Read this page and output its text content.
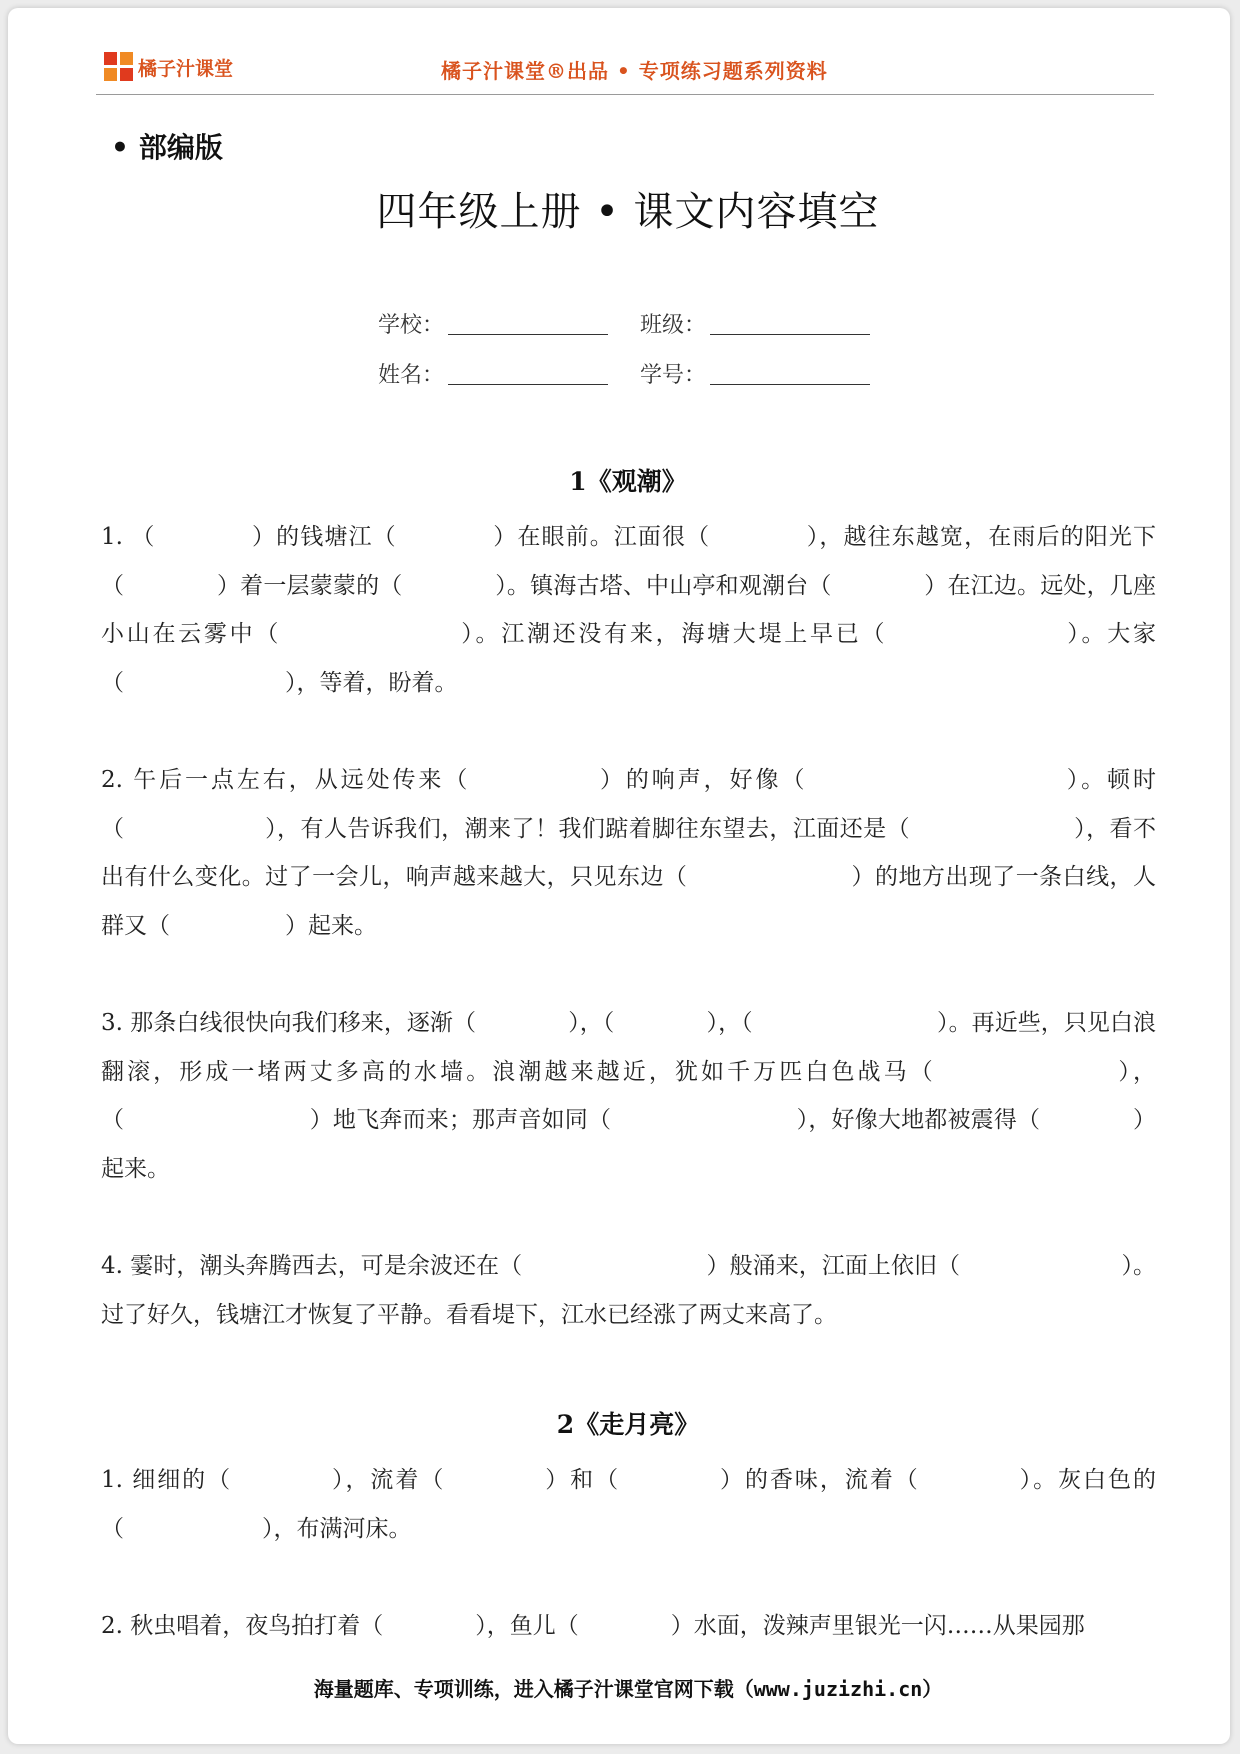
橘子汁课堂	橘子汁课堂®出品 • 专项练习题系列资料
• 部编版
四年级上册 • 课文内容填空
学校：	班级：
姓名：	学号：
1《观潮》
1. （　　　　）的钱塘江（　　　　）在眼前。江面很（　　　　），越往东越宽，在雨后的阳光下（　　　　）着一层蒙蒙的（　　　　）。镇海古塔、中山亭和观潮台（　　　　）在江边。远处，几座小山在云雾中（　　　　　　　）。江潮还没有来，海塘大堤上早已（　　　　　　　）。大家（　　　　　　　），等着，盼着。
2. 午后一点左右，从远处传来（　　　　　）的响声，好像（　　　　　　　　　　）。顿时（　　　　　　），有人告诉我们，潮来了！我们踮着脚往东望去，江面还是（　　　　　　　），看不出有什么变化。过了一会儿，响声越来越大，只见东边（　　　　　　　）的地方出现了一条白线，人群又（　　　　　）起来。
3. 那条白线很快向我们移来，逐渐（　　　　），（　　　　），（　　　　　　　　）。再近些，只见白浪翻滚，形成一堵两丈多高的水墙。浪潮越来越近，犹如千万匹白色战马（　　　　　　　），（　　　　　　　　）地飞奔而来；那声音如同（　　　　　　　　），好像大地都被震得（　　　　）起来。
4. 霎时，潮头奔腾西去，可是余波还在（　　　　　　　　）般涌来，江面上依旧（　　　　　　　）。过了好久，钱塘江才恢复了平静。看看堤下，江水已经涨了两丈来高了。
2《走月亮》
1. 细细的（　　　　），流着（　　　　）和（　　　　）的香味，流着（　　　　）。灰白色的（　　　　　　），布满河床。
2. 秋虫唱着，夜鸟拍打着（　　　　），鱼儿（　　　　）水面，泼辣声里银光一闪……从果园那
海量题库、专项训练，进入橘子汁课堂官网下载（www.juzizhi.cn）
